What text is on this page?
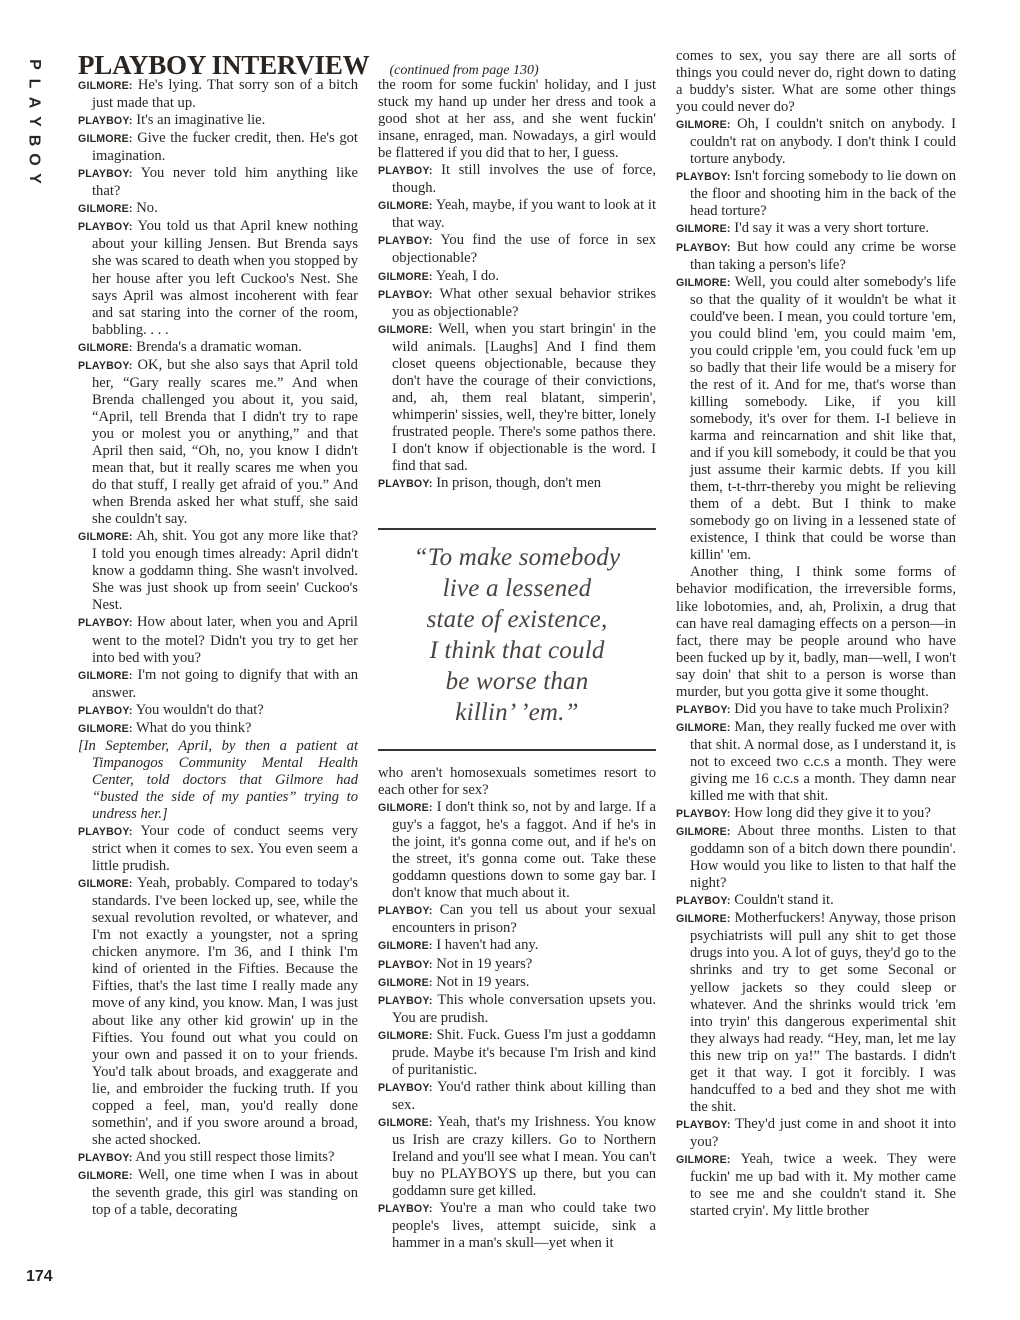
P
L
A
Y
B
O
Y
PLAYBOY INTERVIEW (continued from page 130)

GILMORE: He's lying. That sorry son of a bitch just made that up.

PLAYBOY: It's an imaginative lie.

GILMORE: Give the fucker credit, then. He's got imagination.

PLAYBOY: You never told him anything like that?

GILMORE: No.

PLAYBOY: You told us that April knew nothing about your killing Jensen. But Brenda says she was scared to death when you stopped by her house after you left Cuckoo's Nest. She says April was almost incoherent with fear and sat staring into the corner of the room, babbling. . . .

GILMORE: Brenda's a dramatic woman.

PLAYBOY: OK, but she also says that April told her, “Gary really scares me.” And when Brenda challenged you about it, you said, “April, tell Brenda that I didn't try to rape you or molest you or anything,” and that April then said, “Oh, no, you know I didn't mean that, but it really scares me when you do that stuff, I really get afraid of you.” And when Brenda asked her what stuff, she said she couldn't say.

GILMORE: Ah, shit. You got any more like that? I told you enough times already: April didn't know a goddamn thing. She wasn't involved. She was just shook up from seein' Cuckoo's Nest.

PLAYBOY: How about later, when you and April went to the motel? Didn't you try to get her into bed with you?

GILMORE: I'm not going to dignify that with an answer.

PLAYBOY: You wouldn't do that?

GILMORE: What do you think?

[In September, April, by then a patient at Timpanogos Community Mental Health Center, told doctors that Gilmore had “busted the side of my panties” trying to undress her.]

PLAYBOY: Your code of conduct seems very strict when it comes to sex. You even seem a little prudish.

GILMORE: Yeah, probably. Compared to today's standards. I've been locked up, see, while the sexual revolution revolted, or whatever, and I'm not exactly a youngster, not a spring chicken anymore. I'm 36, and I think I'm kind of oriented in the Fifties. Because the Fifties, that's the last time I really made any move of any kind, you know. Man, I was just about like any other kid growin' up in the Fifties. You found out what you could on your own and passed it on to your friends. You'd talk about broads, and exaggerate and lie, and embroider the fucking truth. If you copped a feel, man, you'd really done somethin', and if you swore around a broad, she acted shocked.

PLAYBOY: And you still respect those limits?

GILMORE: Well, one time when I was in about the seventh grade, this girl was standing on top of a table, decorating

the room for some fuckin' holiday, and I just stuck my hand up under her dress and took a good shot at her ass, and she went fuckin' insane, enraged, man. Nowadays, a girl would be flattered if you did that to her, I guess.

PLAYBOY: It still involves the use of force, though.

GILMORE: Yeah, maybe, if you want to look at it that way.

PLAYBOY: You find the use of force in sex objectionable?

GILMORE: Yeah, I do.

PLAYBOY: What other sexual behavior strikes you as objectionable?

GILMORE: Well, when you start bringin' in the wild animals. [Laughs] And I find them closet queens objectionable, because they don't have the courage of their convictions, and, ah, them real blatant, simperin', whimperin' sissies, well, they're bitter, lonely frustrated people. There's some pathos there. I don't know if objectionable is the word. I find that sad.

PLAYBOY: In prison, though, don't men

“To make somebody
live a lessened
state of existence,
I think that could
be worse than
killin’ ’em.”

who aren't homosexuals sometimes resort to each other for sex?

GILMORE: I don't think so, not by and large. If a guy's a faggot, he's a faggot. And if he's in the joint, it's gonna come out, and if he's on the street, it's gonna come out. Take these goddamn questions down to some gay bar. I don't know that much about it.

PLAYBOY: Can you tell us about your sexual encounters in prison?

GILMORE: I haven't had any.

PLAYBOY: Not in 19 years?

GILMORE: Not in 19 years.

PLAYBOY: This whole conversation upsets you. You are prudish.

GILMORE: Shit. Fuck. Guess I'm just a goddamn prude. Maybe it's because I'm Irish and kind of puritanistic.

PLAYBOY: You'd rather think about killing than sex.

GILMORE: Yeah, that's my Irishness. You know us Irish are crazy killers. Go to Northern Ireland and you'll see what I mean. You can't buy no PLAYBOYS up there, but you can goddamn sure get killed.

PLAYBOY: You're a man who could take two people's lives, attempt suicide, sink a hammer in a man's skull—yet when it

comes to sex, you say there are all sorts of things you could never do, right down to dating a buddy's sister. What are some other things you could never do?

GILMORE: Oh, I couldn't snitch on anybody. I couldn't rat on anybody. I don't think I could torture anybody.

PLAYBOY: Isn't forcing somebody to lie down on the floor and shooting him in the back of the head torture?

GILMORE: I'd say it was a very short torture.

PLAYBOY: But how could any crime be worse than taking a person's life?

GILMORE: Well, you could alter somebody's life so that the quality of it wouldn't be what it could've been. I mean, you could torture 'em, you could blind 'em, you could maim 'em, you could cripple 'em, you could fuck 'em up so badly that their life would be a misery for the rest of it. And for me, that's worse than killing somebody. Like, if you kill somebody, it's over for them. I-I believe in karma and reincarnation and shit like that, and if you kill somebody, it could be that you just assume their karmic debts. If you kill them, t-t-thrr-thereby you might be relieving them of a debt. But I think to make somebody go on living in a lessened state of existence, I think that could be worse than killin' 'em.

Another thing, I think some forms of behavior modification, the irreversible forms, like lobotomies, and, ah, Prolixin, a drug that can have real damaging effects on a person—in fact, there may be people around who have been fucked up by it, badly, man—well, I won't say doin' that shit to a person is worse than murder, but you gotta give it some thought.

PLAYBOY: Did you have to take much Prolixin?

GILMORE: Man, they really fucked me over with that shit. A normal dose, as I understand it, is not to exceed two c.c.s a month. They were giving me 16 c.c.s a month. They damn near killed me with that shit.

PLAYBOY: How long did they give it to you?

GILMORE: About three months. Listen to that goddamn son of a bitch down there poundin'. How would you like to listen to that half the night?

PLAYBOY: Couldn't stand it.

GILMORE: Motherfuckers! Anyway, those prison psychiatrists will pull any shit to get those drugs into you. A lot of guys, they'd go to the shrinks and try to get some Seconal or yellow jackets so they could sleep or whatever. And the shrinks would trick 'em into tryin' this dangerous experimental shit they always had ready. “Hey, man, let me lay this new trip on ya!” The bastards. I didn't get it that way. I got it forcibly. I was handcuffed to a bed and they shot me with the shit.

PLAYBOY: They'd just come in and shoot it into you?

GILMORE: Yeah, twice a week. They were fuckin' me up bad with it. My mother came to see me and she couldn't stand it. She started cryin'. My little brother

174
